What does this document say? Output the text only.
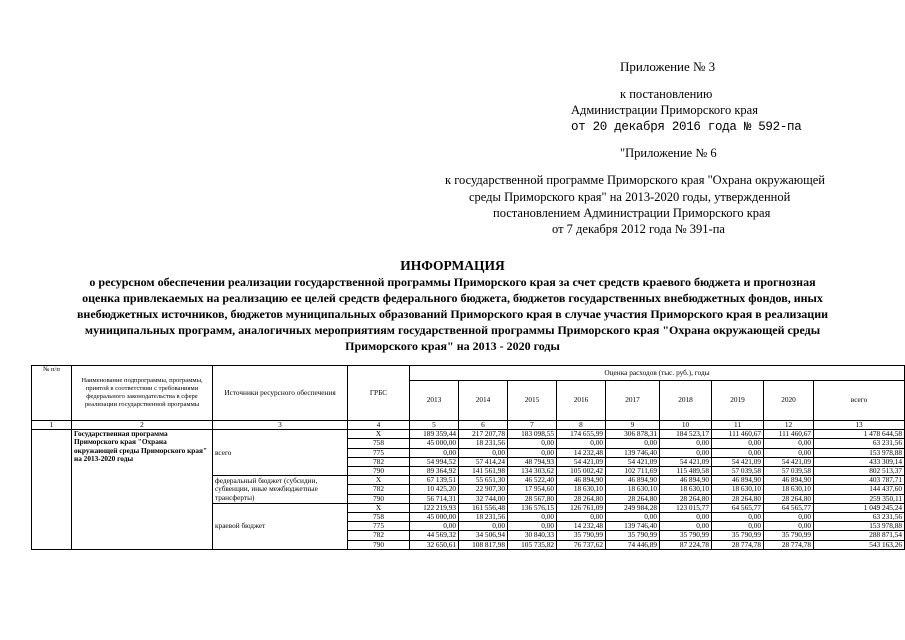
Приложение № 3
к постановлению
Администрации Приморского края
от 20 декабря 2016 года № 592-па
"Приложение № 6
к государственной программе Приморского края "Охрана окружающей
среды Приморского края" на 2013-2020 годы, утвержденной
постановлением Администрации Приморского края
от 7 декабря 2012 года № 391-па
ИНФОРМАЦИЯ
о ресурсном обеспечении реализации государственной программы Приморского края за счет средств краевого бюджета и прогнозная
оценка привлекаемых на реализацию ее целей средств федерального бюджета, бюджетов государственных внебюджетных фондов, иных
внебюджетных источников, бюджетов муниципальных образований Приморского края в случае участия Приморского края в реализации
муниципальных программ, аналогичных мероприятиям государственной программы Приморского края "Охрана окружающей среды
Приморского края" на 2013 - 2020 годы
№ п/п	Наименование подпрограммы, программы, приятой в соответствии с требованиями федерального законодательства в сфере реализации государственной программы	Источники ресурсного обеспечения	ГРБС	Оценка расходов (тыс. руб.), годы								
				2013	2014	2015	2016	2017	2018	2019	2020	всего
1	2	3	4	5	6	7	8	9	10	11	12	13
	Государственная программа Приморского края "Охрана окружающей среды Приморского края" на 2013-2020 годы	всего	X	189 359,44	217 207,78	183 098,55	174 655,99	306 878,31	184 523,17	111 460,67	111 460,67	1 478 644,58
			758	45 000,00	18 231,56	0,00	0,00	0,00	0,00	0,00	0,00	63 231,56
			775	0,00	0,00	0,00	14 232,48	139 746,40	0,00	0,00	0,00	153 978,88
			782	54 994,52	57 414,24	48 794,93	54 421,09	54 421,09	54 421,09	54 421,09	54 421,09	433 309,14
			790	89 364,92	141 561,98	134 303,62	105 002,42	102 711,69	115 489,58	57 039,58	57 039,58	802 513,37
		федеральный бюджет (субсидии, субвенции, иные межбюджетные трансферты)	X	67 139,51	55 651,30	46 522,40	46 894,90	46 894,90	46 894,90	46 894,90	46 894,90	403 787,71
			782	10 425,20	22 907,30	17 954,60	18 630,10	18 630,10	18 630,10	18 630,10	18 630,10	144 437,60
			790	56 714,31	32 744,00	28 567,80	28 264,80	28 264,80	28 264,80	28 264,80	28 264,80	259 350,11
		краевой бюджет	X	122 219,93	161 556,48	136 576,15	126 761,09	249 984,28	123 015,77	64 565,77	64 565,77	1 049 245,24
			758	45 000,00	18 231,56	0,00	0,00	0,00	0,00	0,00	0,00	63 231,56
			775	0,00	0,00	0,00	14 232,48	139 746,40	0,00	0,00	0,00	153 978,88
			782	44 569,32	34 506,94	30 840,33	35 790,99	35 790,99	35 790,99	35 790,99	35 790,99	288 871,54
			790	32 650,61	108 817,98	105 735,82	76 737,62	74 446,89	87 224,78	28 774,78	28 774,78	543 163,26
